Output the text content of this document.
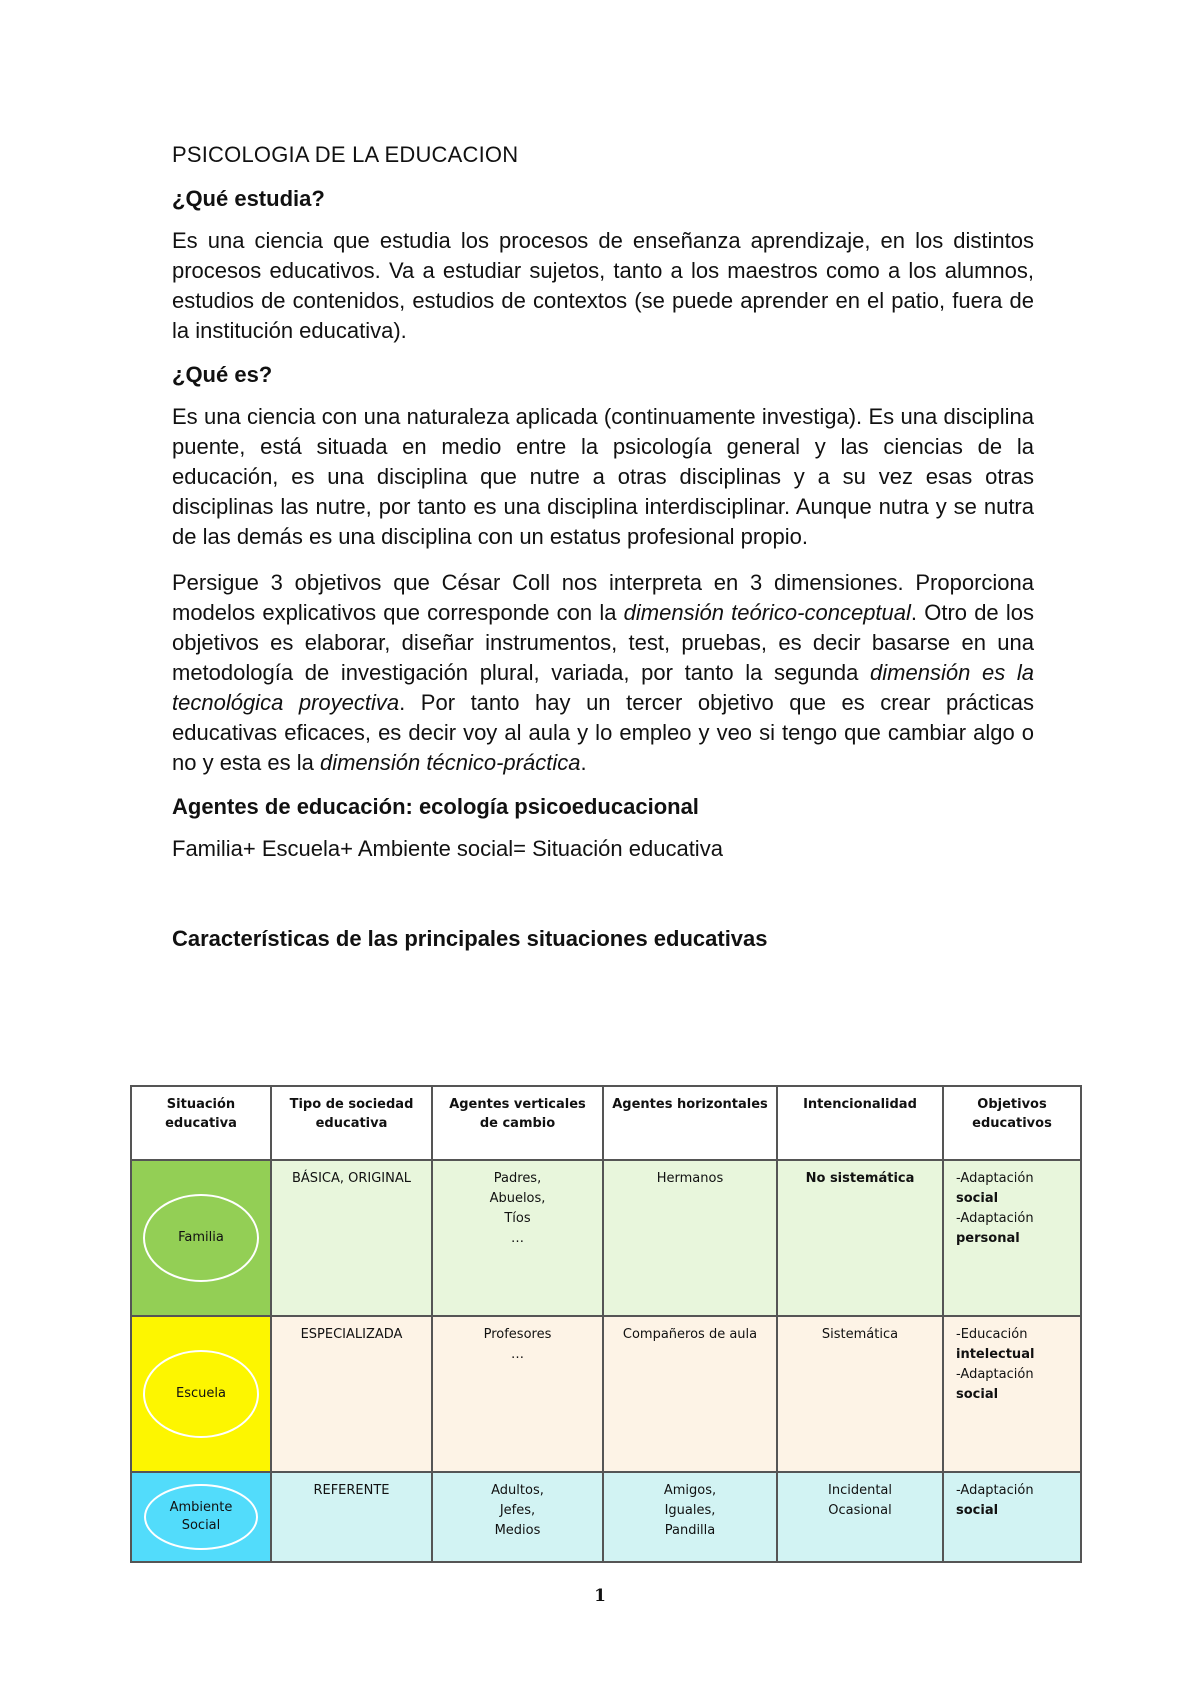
PSICOLOGIA DE LA EDUCACION

¿Qué estudia?

Es una ciencia que estudia los procesos de enseñanza aprendizaje, en los distintos procesos educativos. Va a estudiar sujetos, tanto a los maestros como a los alumnos, estudios de contenidos, estudios de contextos (se puede aprender en el patio, fuera de la institución educativa).

¿Qué es?

Es una ciencia con una naturaleza aplicada (continuamente investiga). Es una disciplina puente, está situada en medio entre la psicología general y las ciencias de la educación, es una disciplina que nutre a otras disciplinas y a su vez esas otras disciplinas las nutre, por tanto es una disciplina interdisciplinar. Aunque nutra y se nutra de las demás es una disciplina con un estatus profesional propio.

Persigue 3 objetivos que César Coll nos interpreta en 3 dimensiones. Proporciona modelos explicativos que corresponde con la dimensión teórico-conceptual. Otro de los objetivos es elaborar, diseñar instrumentos, test, pruebas, es decir basarse en una metodología de investigación plural, variada, por tanto la segunda dimensión es la tecnológica proyectiva. Por tanto hay un tercer objetivo que es crear prácticas educativas eficaces, es decir voy al aula y lo empleo y veo si tengo que cambiar algo o no y esta es la dimensión técnico-práctica.

Agentes de educación: ecología psicoeducacional

Familia+ Escuela+ Ambiente social= Situación educativa

Características de las principales situaciones educativas

Situación educativa	Tipo de sociedad educativa	Agentes verticales de cambio	Agentes horizontales	Intencionalidad	Objetivos educativos

Familia	BÁSICA, ORIGINAL	Padres,
Abuelos,
Tíos
…	Hermanos	No sistemática	-Adaptación
social
-Adaptación
personal

Escuela	ESPECIALIZADA	Profesores
…	Compañeros de aula	Sistemática	-Educación
intelectual
-Adaptación
social

Ambiente
Social	REFERENTE	Adultos,
Jefes,
Medios	Amigos,
Iguales,
Pandilla	Incidental
Ocasional	-Adaptación
social
1
